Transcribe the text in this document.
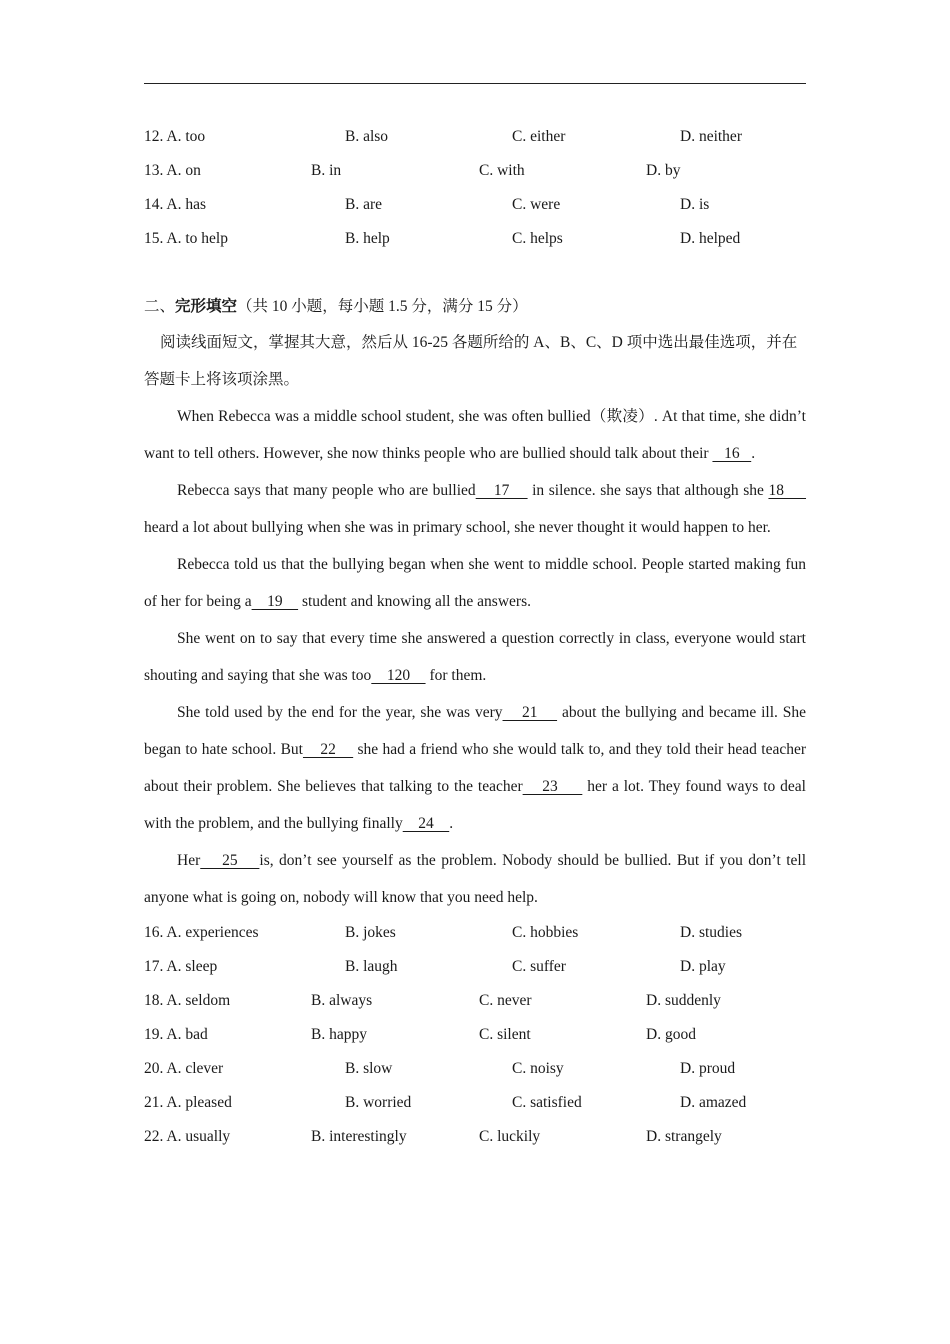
12. A. too	B. also	C. either	D. neither
13. A. on	B. in	C. with	D. by
14. A. has	B. are	C. were	D. is
15. A. to help	B. help	C. helps	D. helped
二、完形填空（共 10 小题，每小题 1.5 分，满分 15 分）

阅读线面短文，掌握其大意，然后从 16-25 各题所给的 A、B、C、D 项中选出最佳选项，并在答题卡上将该项涂黑。

When Rebecca was a middle school student, she was often bullied（欺凌）. At that time, she didn’t want to tell others. However, she now thinks people who are bullied should talk about their    16   .

Rebecca says that many people who are bullied    17     in silence. she says that although she 18      heard a lot about bullying when she was in primary school, she never thought it would happen to her.

Rebecca told us that the bullying began when she went to middle school. People started making fun of her for being a    19     student and knowing all the answers.

She went on to say that every time she answered a question correctly in class, everyone would start shouting and saying that she was too    120     for them.

She told used by the end for the year, she was very    21     about the bullying and became ill. She began to hate school. But    22     she had a friend who she would talk to, and they told their head teacher about their problem. She believes that talking to the teacher    23      her a lot. They found ways to deal with the problem, and the bullying finally    24    .

Her    25    is, don’t see yourself as the problem. Nobody should be bullied. But if you don’t tell anyone what is going on, nobody will know that you need help.

16. A. experiences	B. jokes	C. hobbies	D. studies
17. A. sleep	B. laugh	C. suffer	D. play
18. A. seldom	B. always	C. never	D. suddenly
19. A. bad	B. happy	C. silent	D. good
20. A. clever	B. slow	C. noisy	D. proud
21. A. pleased	B. worried	C. satisfied	D. amazed
22. A. usually	B. interestingly	C. luckily	D. strangely
